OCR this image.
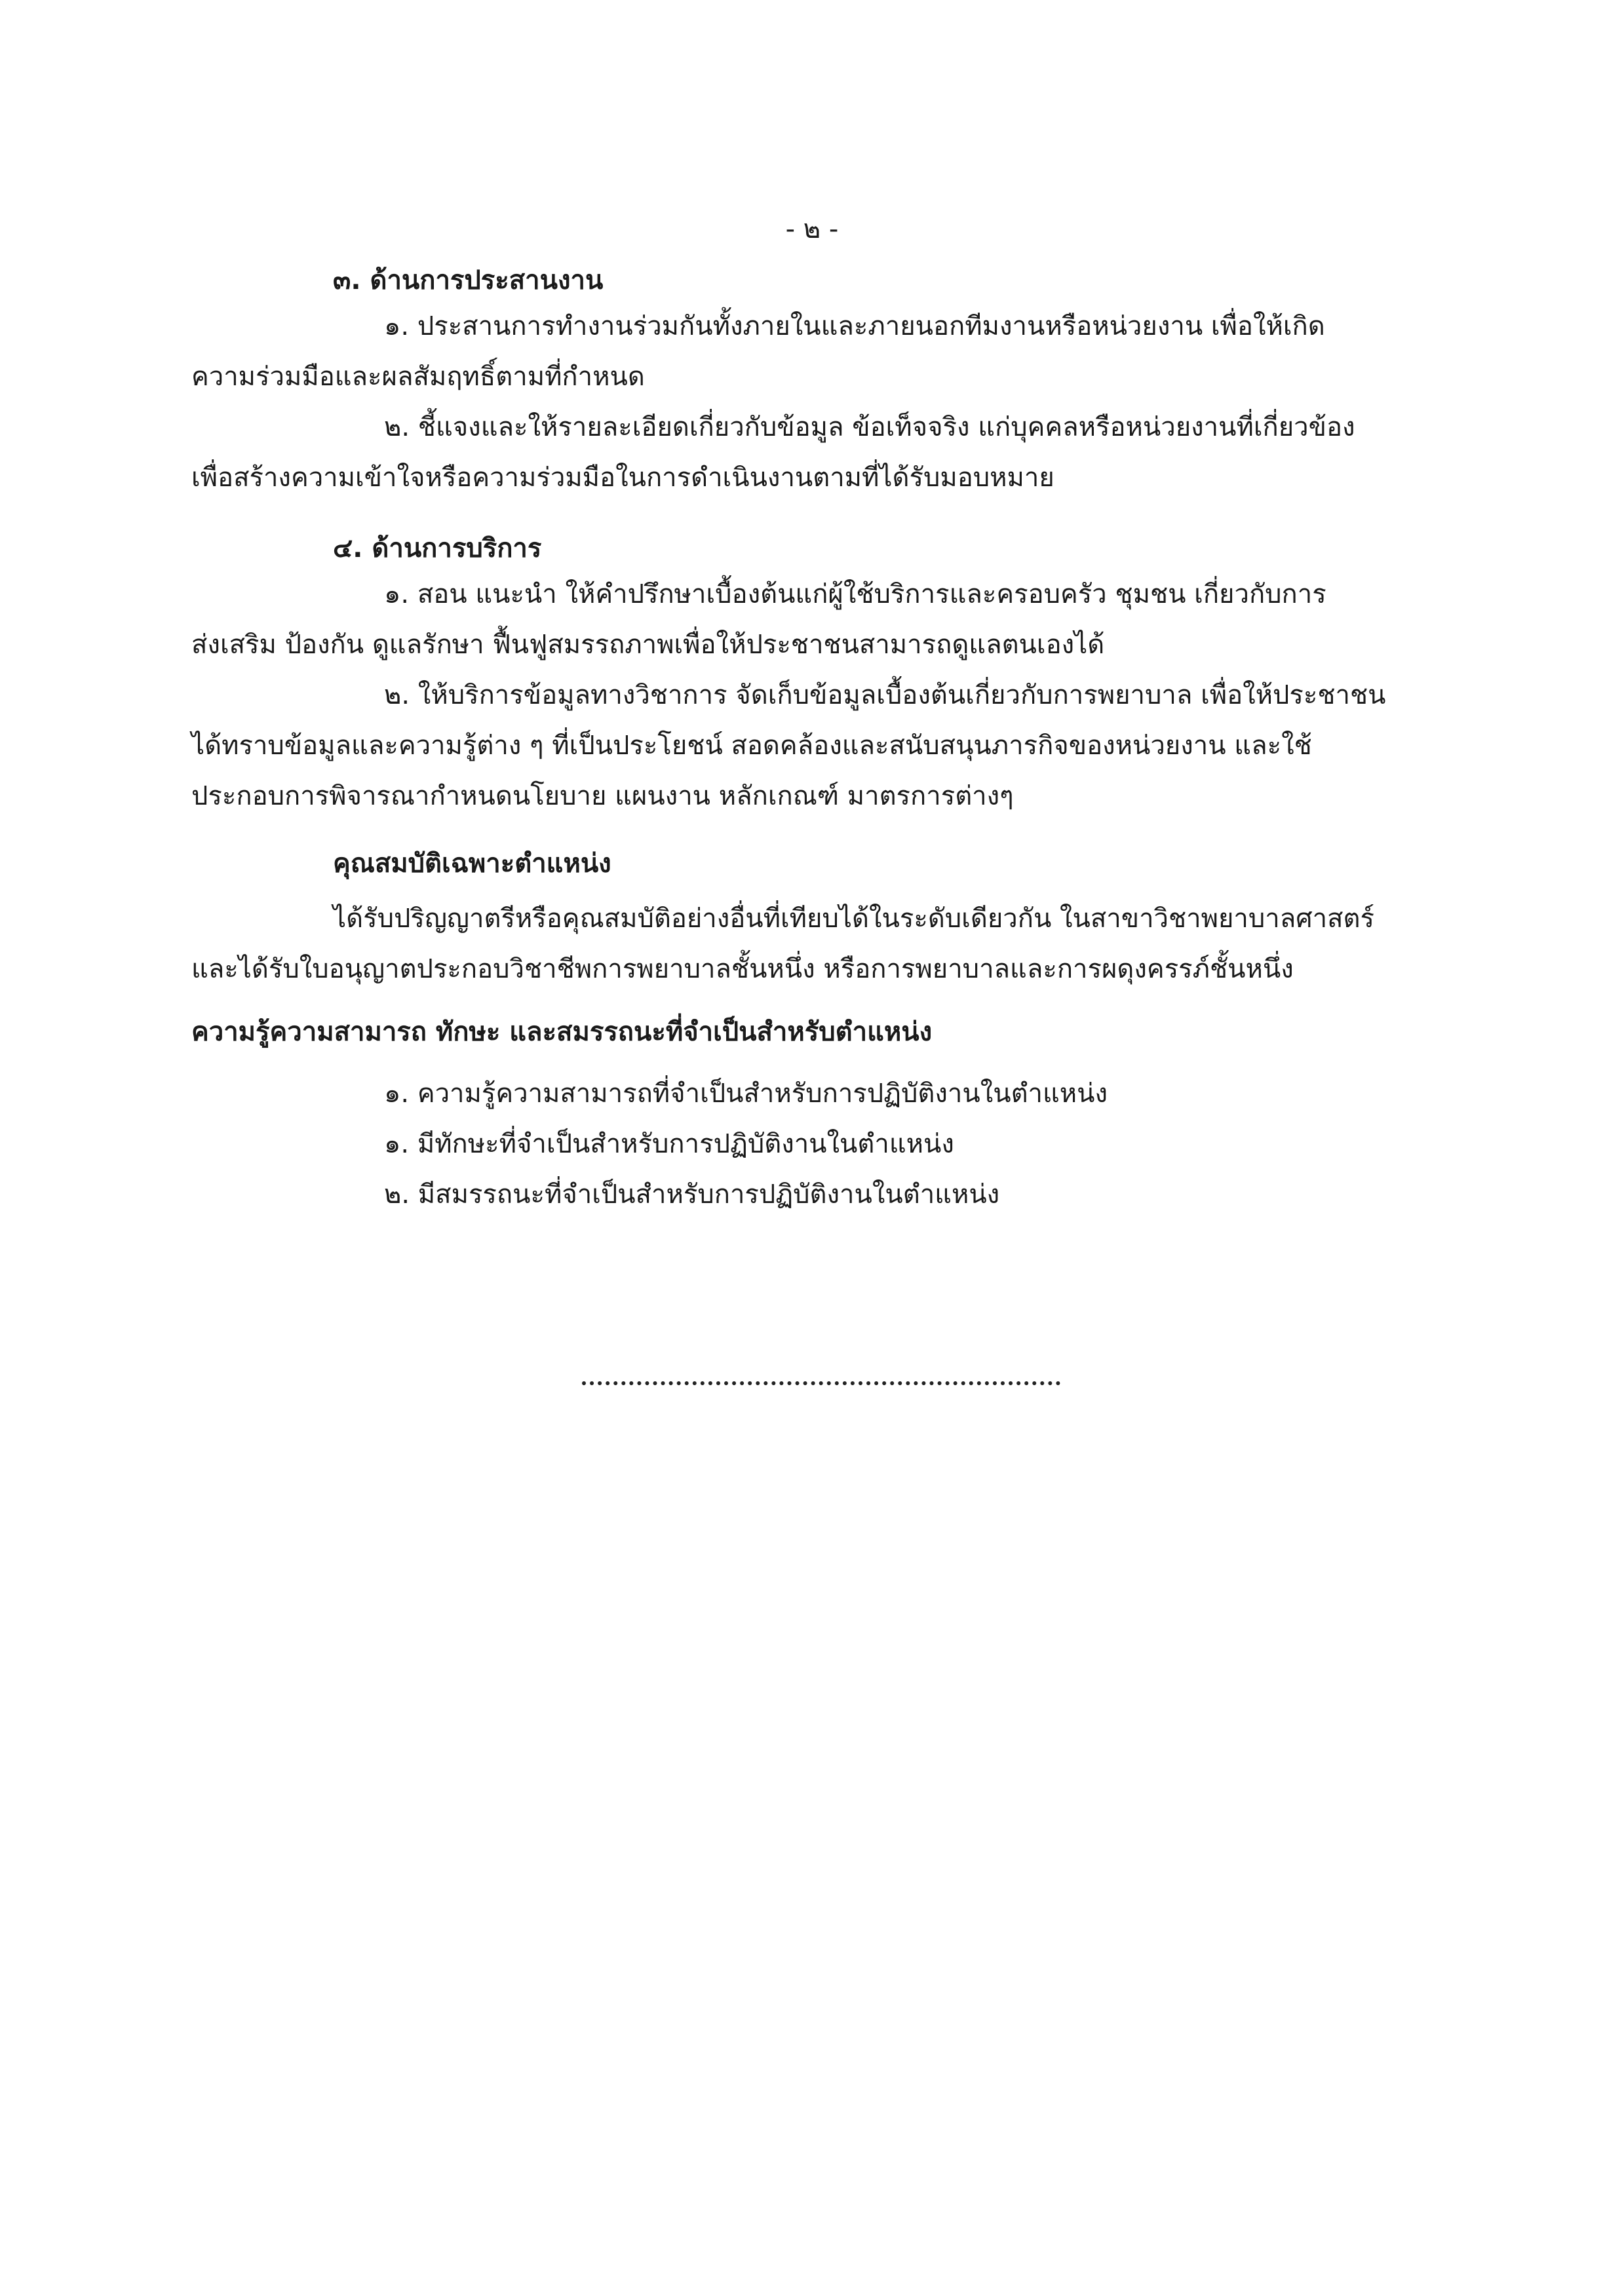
- ๒ -
๓. ด้านการประสานงาน
๑. ประสานการทำงานร่วมกันทั้งภายในและภายนอกทีมงานหรือหน่วยงาน เพื่อให้เกิด
ความร่วมมือและผลสัมฤทธิ์ตามที่กำหนด
๒. ชี้แจงและให้รายละเอียดเกี่ยวกับข้อมูล ข้อเท็จจริง แก่บุคคลหรือหน่วยงานที่เกี่ยวข้อง
เพื่อสร้างความเข้าใจหรือความร่วมมือในการดำเนินงานตามที่ได้รับมอบหมาย
๔. ด้านการบริการ
๑. สอน แนะนำ ให้คำปรึกษาเบื้องต้นแก่ผู้ใช้บริการและครอบครัว ชุมชน เกี่ยวกับการ
ส่งเสริม ป้องกัน ดูแลรักษา ฟื้นฟูสมรรถภาพเพื่อให้ประชาชนสามารถดูแลตนเองได้
๒. ให้บริการข้อมูลทางวิชาการ จัดเก็บข้อมูลเบื้องต้นเกี่ยวกับการพยาบาล เพื่อให้ประชาชน
ได้ทราบข้อมูลและความรู้ต่าง ๆ ที่เป็นประโยชน์ สอดคล้องและสนับสนุนภารกิจของหน่วยงาน และใช้
ประกอบการพิจารณากำหนดนโยบาย แผนงาน หลักเกณฑ์ มาตรการต่างๆ
คุณสมบัติเฉพาะตำแหน่ง
ได้รับปริญญาตรีหรือคุณสมบัติอย่างอื่นที่เทียบได้ในระดับเดียวกัน ในสาขาวิชาพยาบาลศาสตร์
และได้รับใบอนุญาตประกอบวิชาชีพการพยาบาลชั้นหนึ่ง หรือการพยาบาลและการผดุงครรภ์ชั้นหนึ่ง
ความรู้ความสามารถ ทักษะ และสมรรถนะที่จำเป็นสำหรับตำแหน่ง
๑. ความรู้ความสามารถที่จำเป็นสำหรับการปฏิบัติงานในตำแหน่ง
๑. มีทักษะที่จำเป็นสำหรับการปฏิบัติงานในตำแหน่ง
๒. มีสมรรถนะที่จำเป็นสำหรับการปฏิบัติงานในตำแหน่ง
